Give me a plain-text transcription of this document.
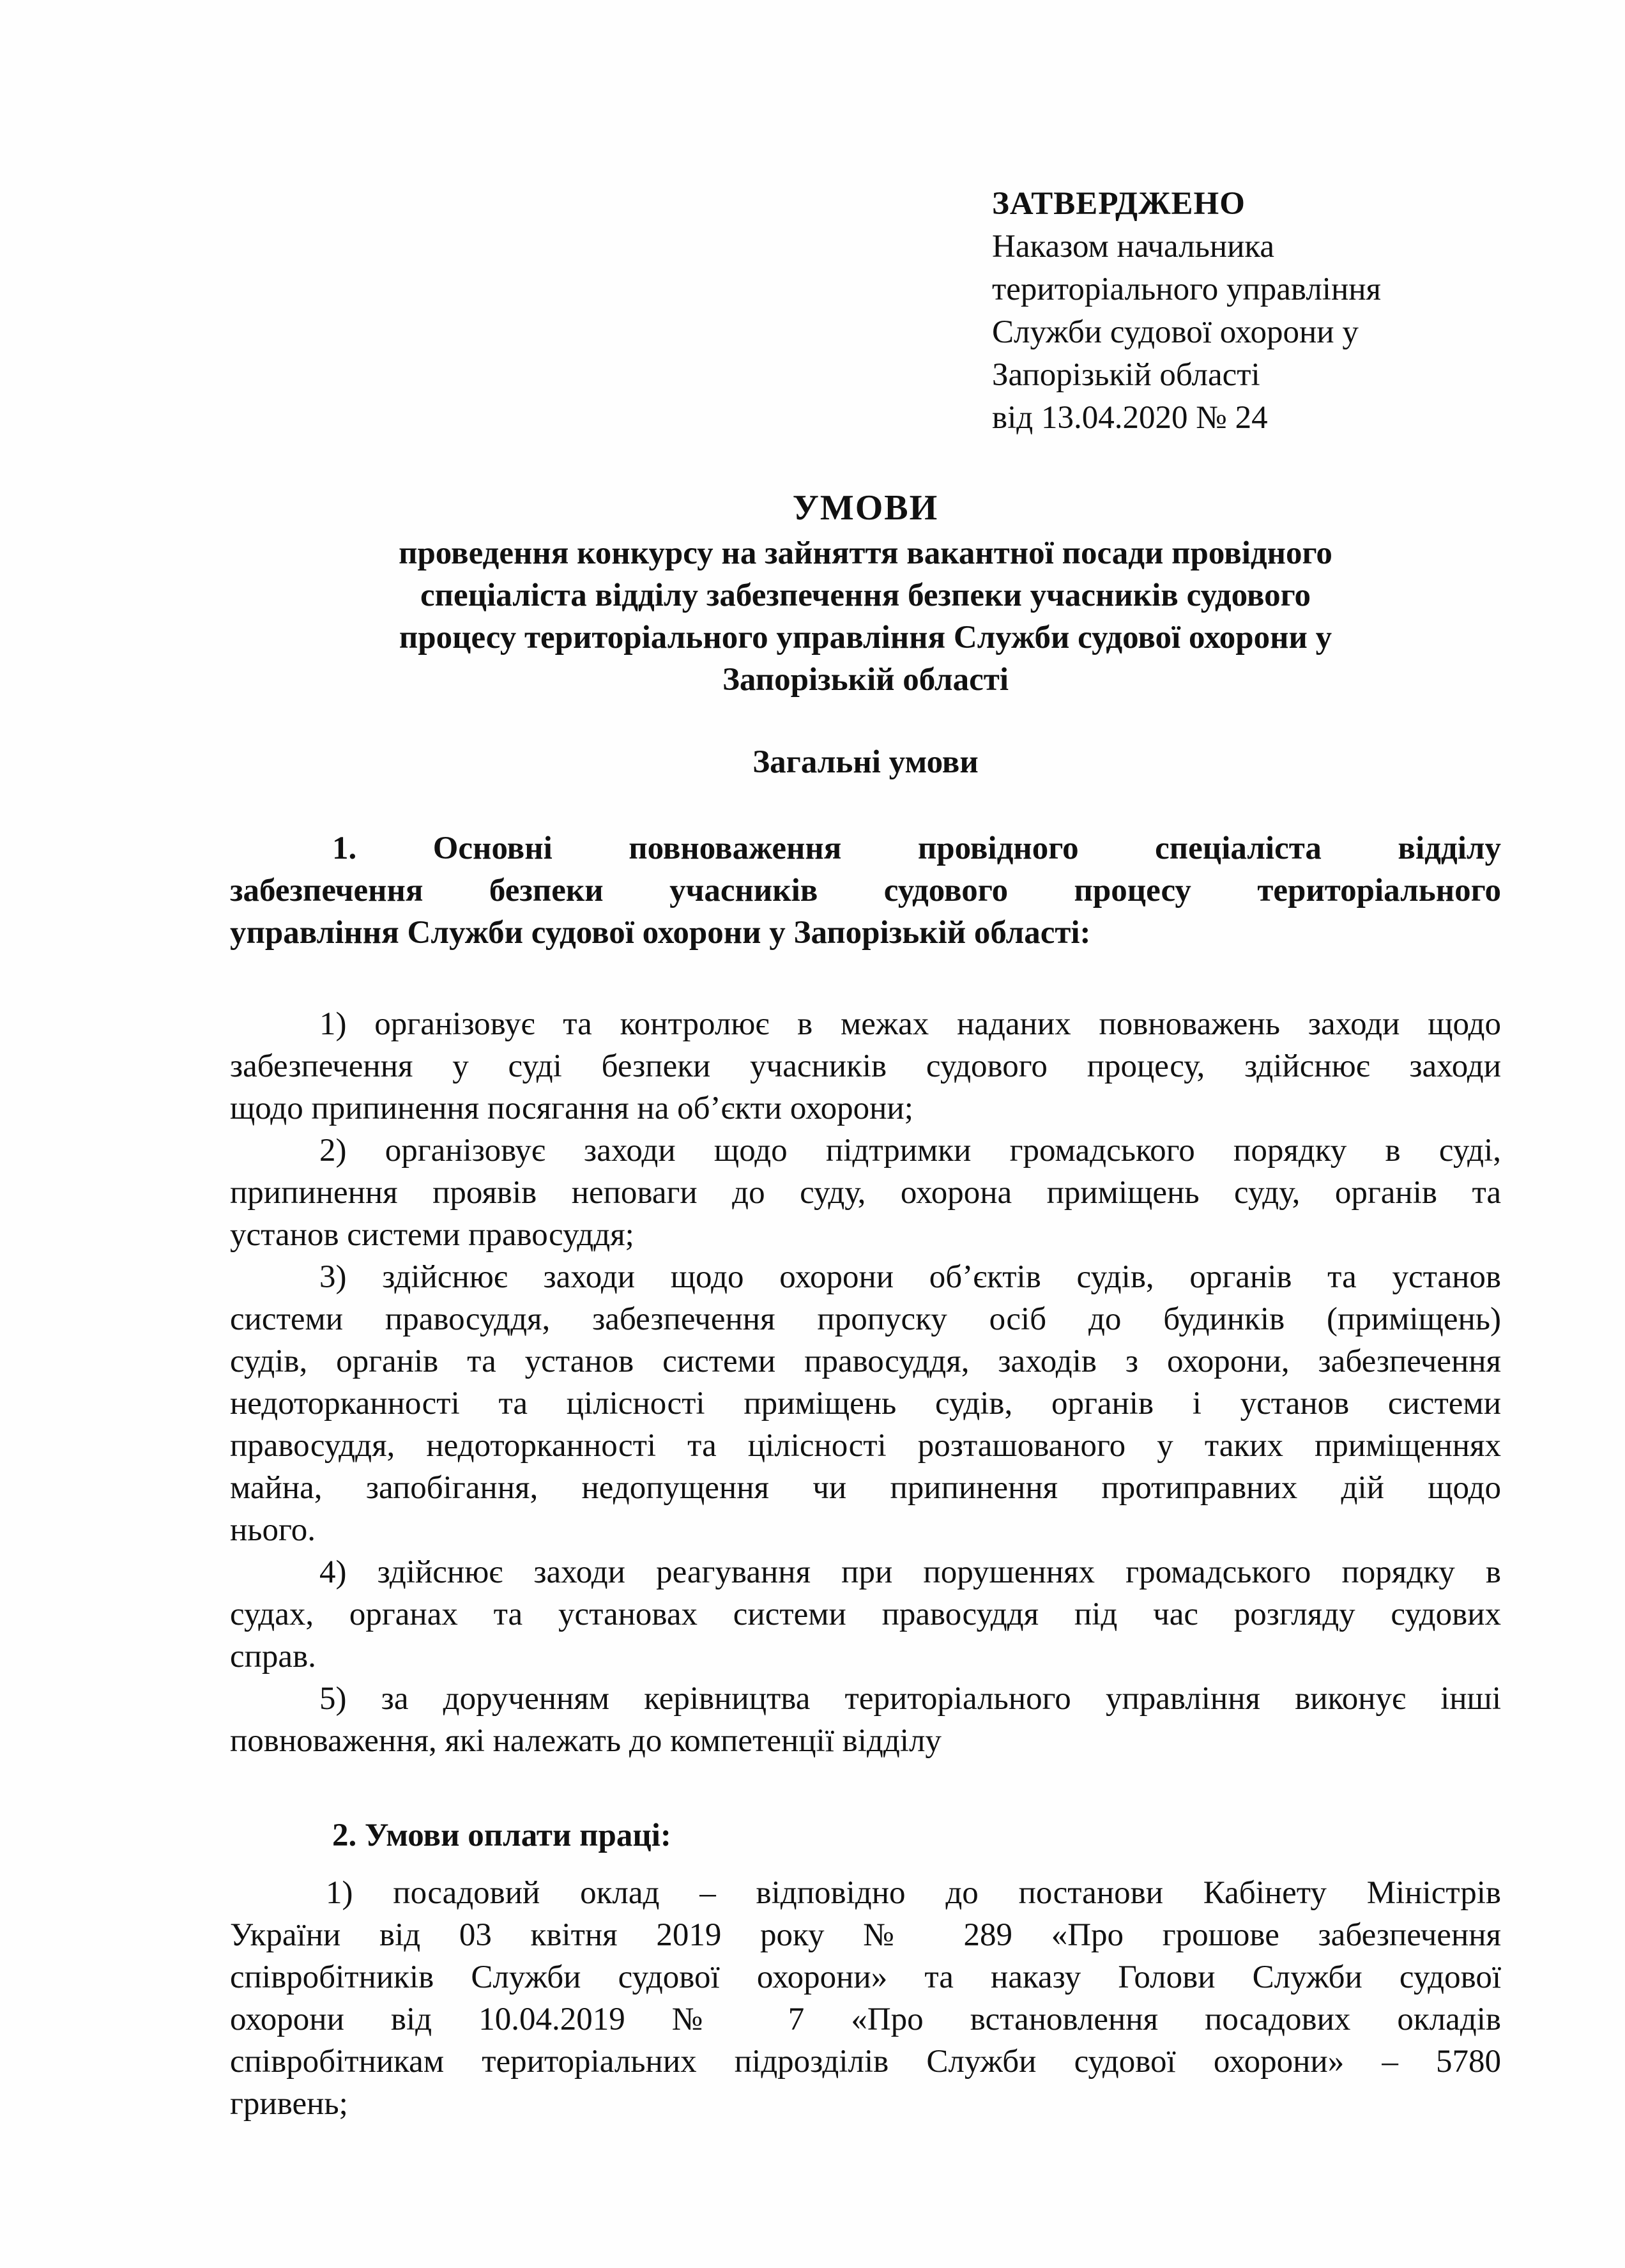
ЗАТВЕРДЖЕНО
Наказом начальника
територіального управління
Служби судової охорони у
Запорізькій області
від 13.04.2020 № 24
УМОВИ
проведення конкурсу на зайняття вакантної посади провідного
спеціаліста відділу забезпечення безпеки учасників судового
процесу територіального управління Служби судової охорони у
Запорізькій області
Загальні умови
1. Основні повноваження провідного спеціаліста відділу
забезпечення безпеки учасників судового процесу територіального
управління Служби судової охорони у Запорізькій області:
1) організовує та контролює в межах наданих повноважень заходи щодо
забезпечення у суді безпеки учасників судового процесу, здійснює заходи
щодо припинення посягання на об’єкти охорони;
2) організовує заходи щодо підтримки громадського порядку в суді,
припинення проявів неповаги до суду, охорона приміщень суду, органів та
установ системи правосуддя;
3) здійснює заходи щодо охорони об’єктів судів, органів та установ
системи правосуддя, забезпечення пропуску осіб до будинків (приміщень)
судів, органів та установ системи правосуддя, заходів з охорони, забезпечення
недоторканності та цілісності приміщень судів, органів і установ системи
правосуддя, недоторканності та цілісності розташованого у таких приміщеннях
майна, запобігання, недопущення чи припинення протиправних дій щодо
нього.
4) здійснює заходи реагування при порушеннях громадського порядку в
судах, органах та установах системи правосуддя під час розгляду судових
справ.
5) за дорученням керівництва територіального управління виконує інші
повноваження, які належать до компетенції відділу
2. Умови оплати праці:
1) посадовий оклад – відповідно до постанови Кабінету Міністрів
України від 03 квітня 2019 року № 289 «Про грошове забезпечення
співробітників Служби судової охорони» та наказу Голови Служби судової
охорони від 10.04.2019 № 7 «Про встановлення посадових окладів
співробітникам територіальних підрозділів Служби судової охорони» – 5780
гривень;
